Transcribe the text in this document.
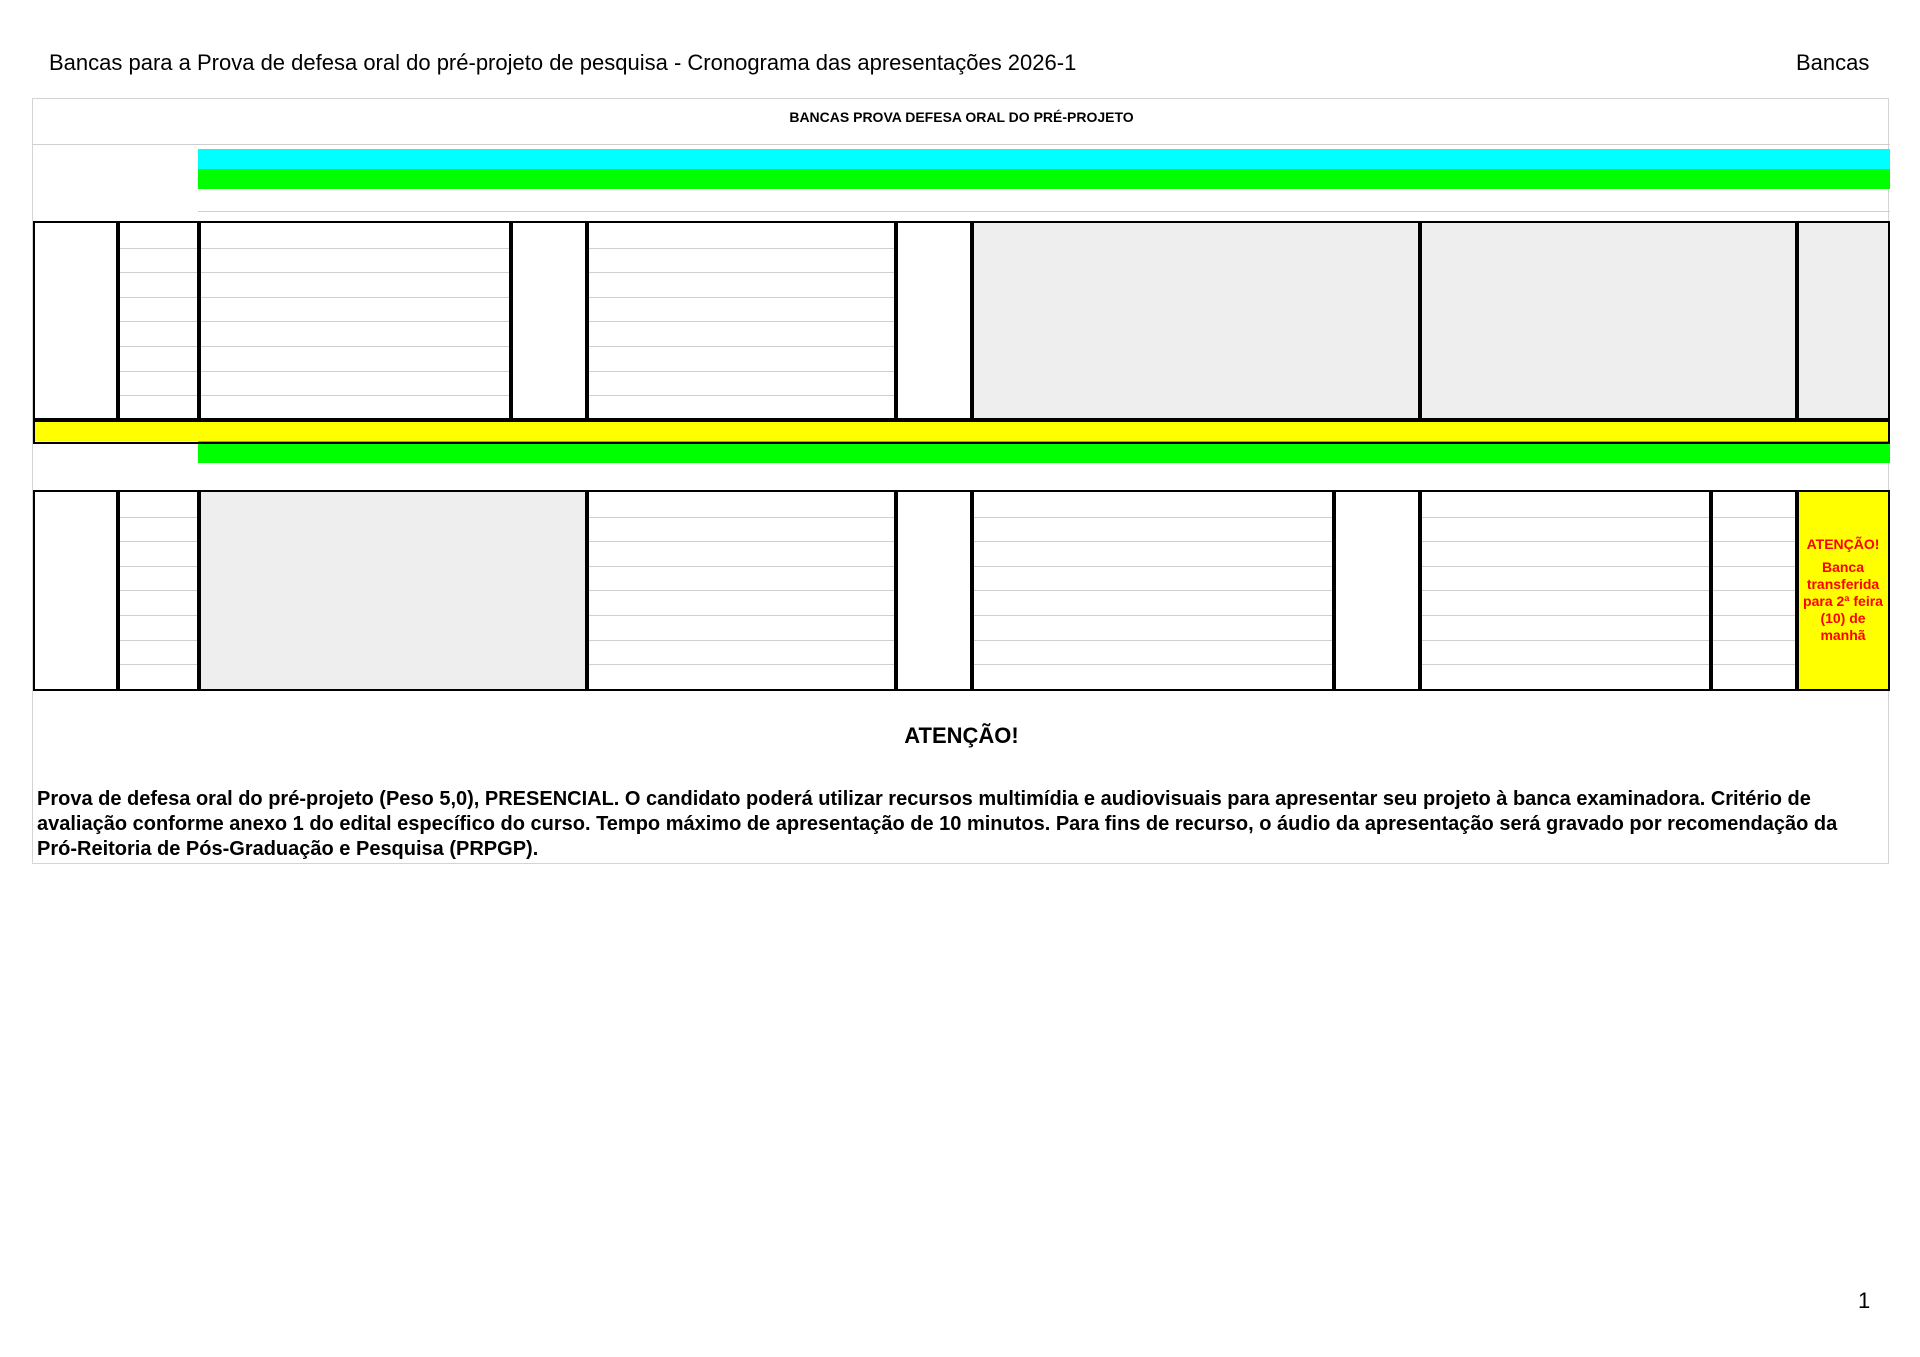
Bancas para a Prova de defesa oral do pré-projeto de pesquisa - Cronograma das apresentações 2026-1	Bancas
BANCAS PROVA DEFESA ORAL DO PRÉ-PROJETO
ATENÇÃO!
Banca transferida para 2ª feira (10) de manhã
ATENÇÃO!
Prova de defesa oral do pré-projeto (Peso 5,0), PRESENCIAL. O candidato poderá utilizar recursos multimídia e audiovisuais para apresentar seu projeto à banca examinadora. Critério de avaliação conforme anexo 1 do edital específico do curso. Tempo máximo de apresentação de 10 minutos. Para fins de recurso, o áudio da apresentação será gravado por recomendação da Pró-Reitoria de Pós-Graduação e Pesquisa (PRPGP).
1
